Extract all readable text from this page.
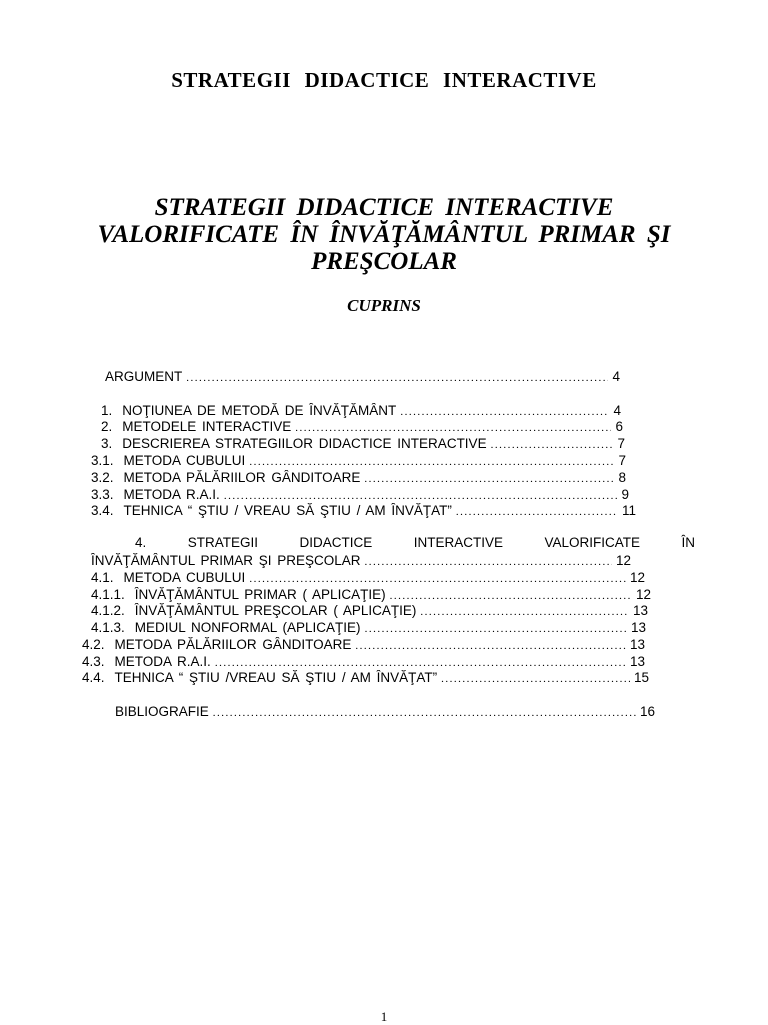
STRATEGII DIDACTICE INTERACTIVE
STRATEGII DIDACTICE INTERACTIVE
VALORIFICATE ÎN ÎNVĂŢĂMÂNTUL PRIMAR ŞI
PREŞCOLAR
CUPRINS
ARGUMENT .....	4
1. NOŢIUNEA DE METODĂ DE ÎNVĂŢĂMÂNT .....	4
2. METODELE INTERACTIVE .....	6
3. DESCRIEREA STRATEGIILOR DIDACTICE INTERACTIVE .....	7
3.1. METODA CUBULUI .....	7
3.2. METODA PĂLĂRIILOR GÂNDITOARE .....	8
3.3. METODA R.A.I. .....	9
3.4. TEHNICA “ ŞTIU / VREAU SĂ ŞTIU / AM ÎNVĂŢAT” .....	11
4.	STRATEGII	DIDACTICE	INTERACTIVE	VALORIFICATE	ÎN
ÎNVĂŢĂMÂNTUL PRIMAR ŞI PREŞCOLAR .....	12
4.1. METODA CUBULUI .....	12
4.1.1. ÎNVĂŢĂMÂNTUL PRIMAR ( APLICAŢIE) .....	12
4.1.2. ÎNVĂŢĂMÂNTUL PREŞCOLAR ( APLICAŢIE) .....	13
4.1.3. MEDIUL NONFORMAL (APLICAŢIE) .....	13
4.2. METODA PĂLĂRIILOR GÂNDITOARE .....	13
4.3. METODA R.A.I. .....	13
4.4. TEHNICA “ ŞTIU /VREAU SĂ ŞTIU / AM ÎNVĂŢAT” .....	15
BIBLIOGRAFIE .....	16
1
